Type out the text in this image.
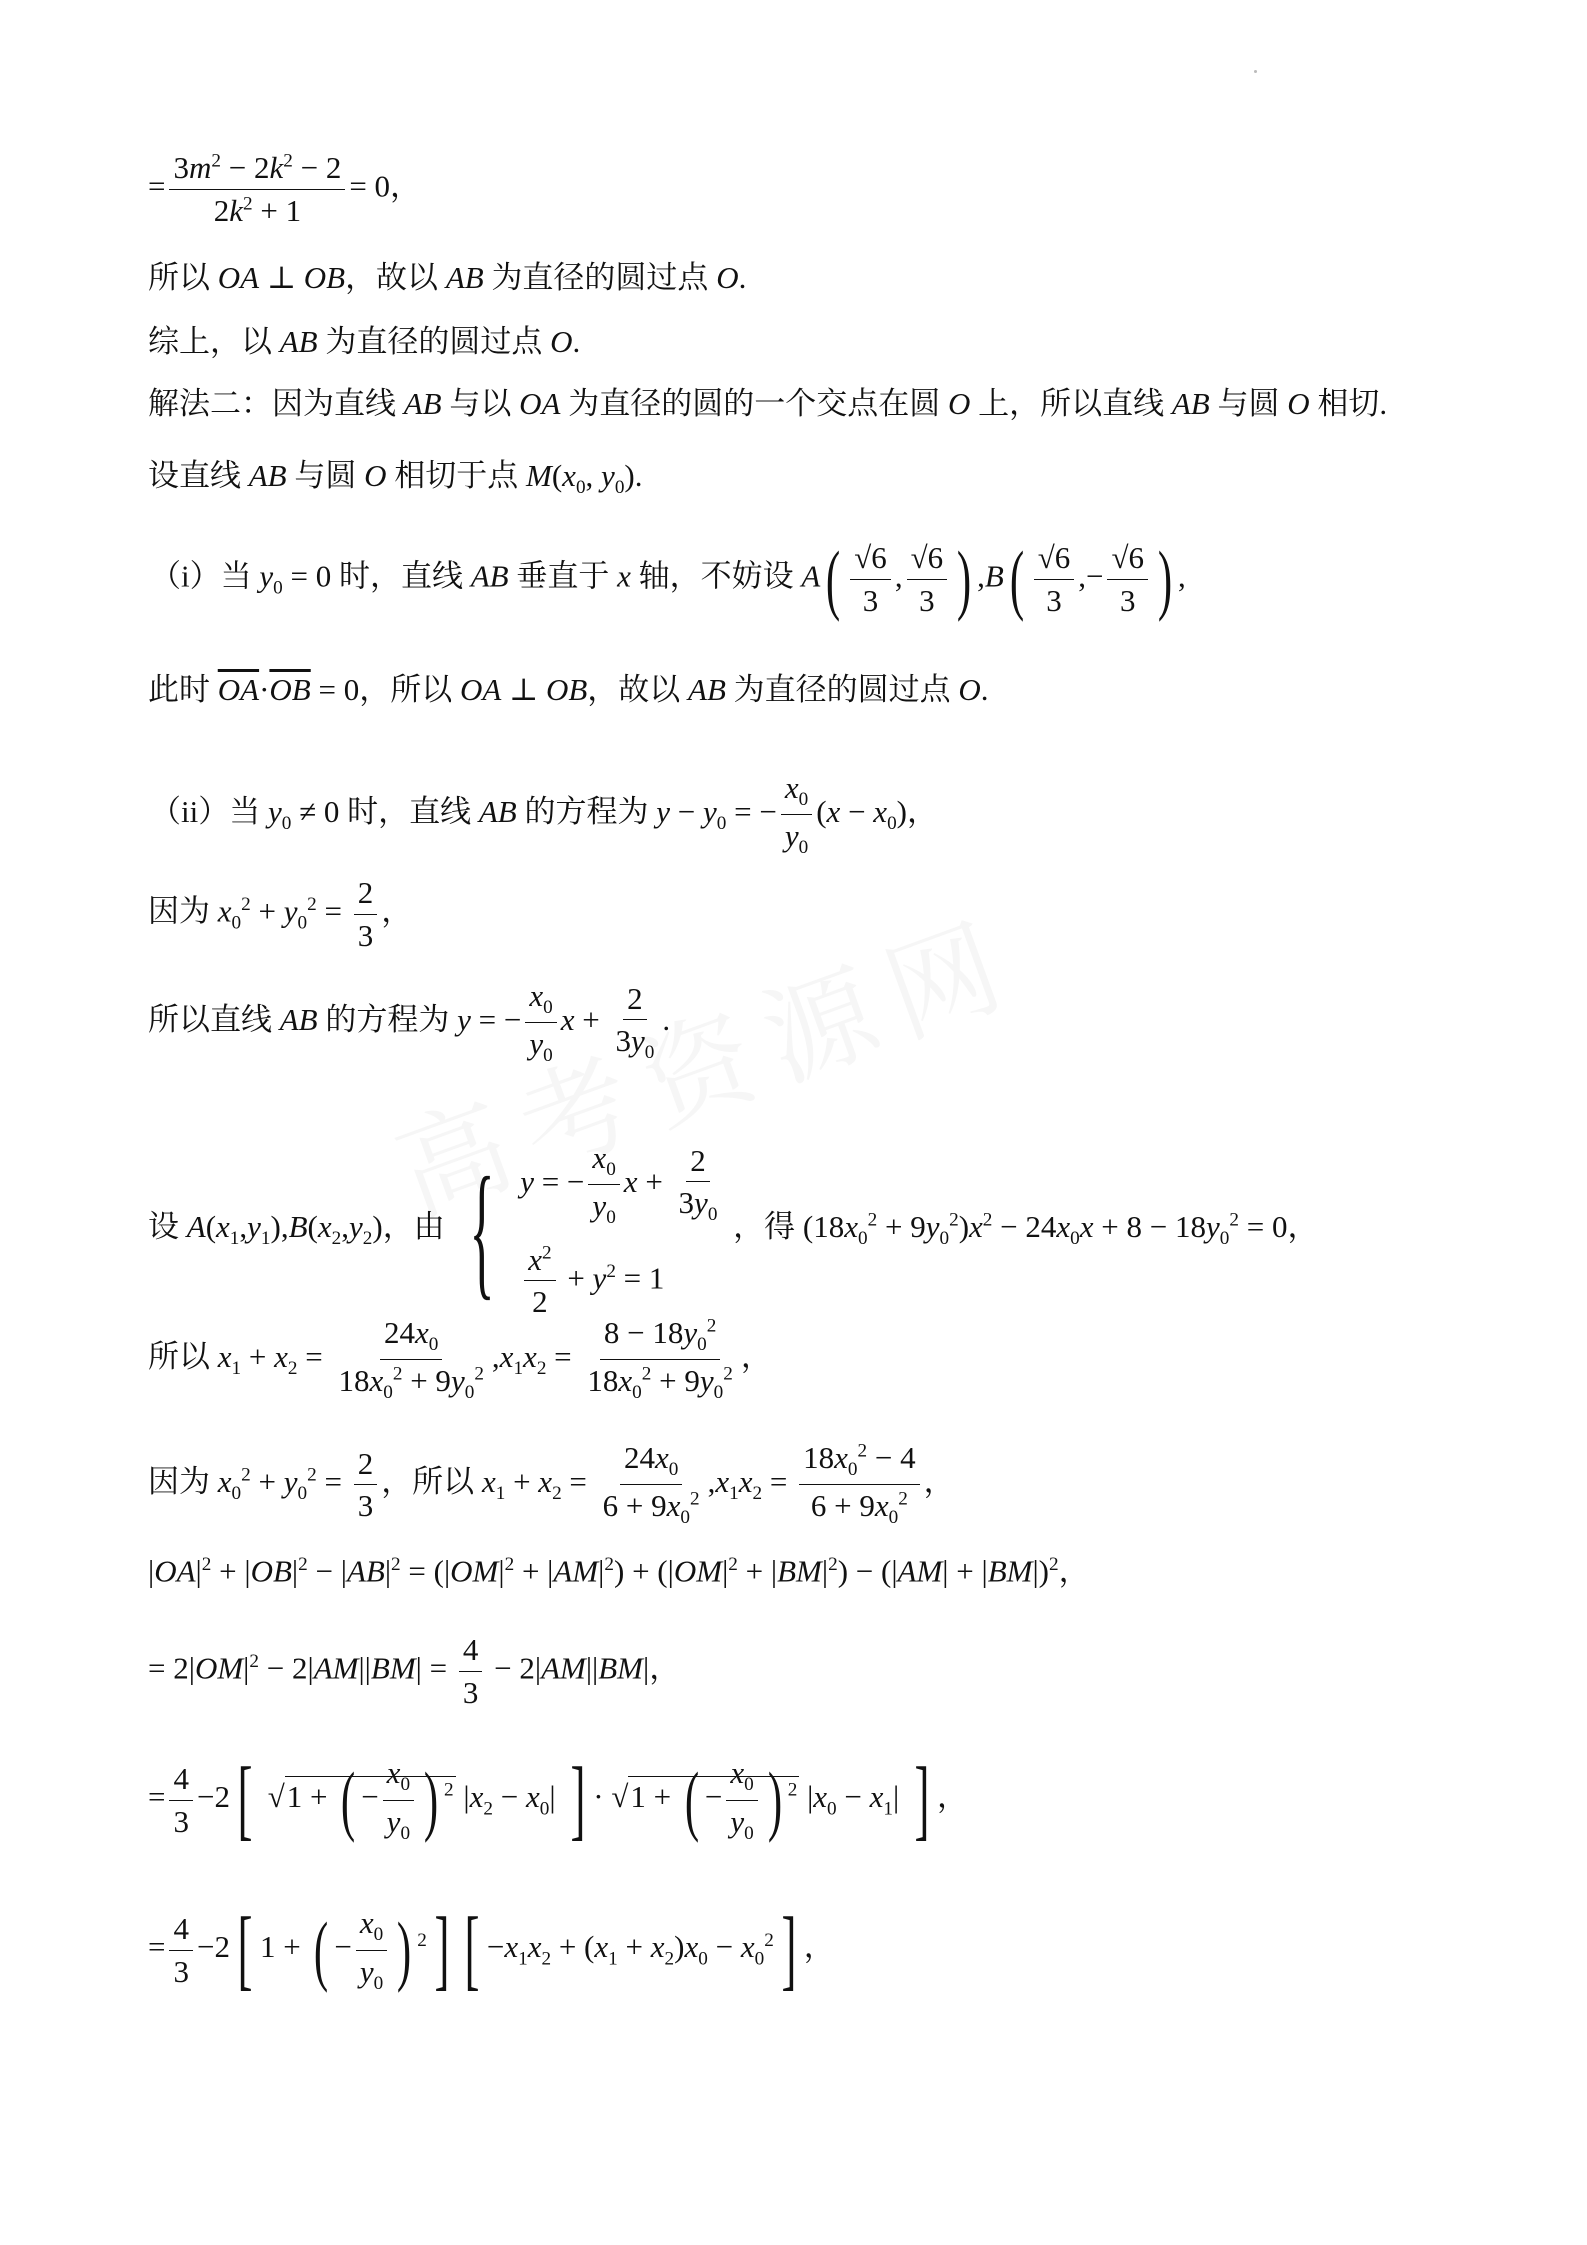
= $\frac{3m^2 - 2k^2 - 2}{2k^2 + 1} = 0$，
所以 OA ⊥ OB，故以 AB 为直径的圆过点 O.
综上，以 AB 为直径的圆过点 O.
解法二：因为直线 AB 与以 OA 为直径的圆的一个交点在圆 O 上，所以直线 AB 与圆 O 相切.
设直线 AB 与圆 O 相切于点 $M(x_0$, $y_0$).
（i）当 $y_0 = 0$ 时，直线 AB 垂直于 x 轴，不妨设 $A( \frac{√6}{3}$ , $\frac{√6}{3}$ ) $,B( \frac{√6}{3}$ ,− $\frac{√6}{3}$ ) ,
此时 $\overline{OA}\cdot\overline{OB} = 0$，所以 OA ⊥ OB，故以 AB 为直径的圆过点 O.
（ii）当 $y_0 \ne 0$ 时，直线 AB 的方程为 $y - y_0$ = − $\frac{x_0}{y_0} (x - x_0)$，
因为 $x_0^2 + y_0^2 = \frac{2}{3}$ ，
所以直线 AB 的方程为 y = − $\frac{x_0}{y_0}$ $x + \frac{2}{3y_0}$ .
设 $A(x_1,y_1),B(x_2,y_2)$，由 { y = − $\frac{x_0}{y_0}$ $x + \frac{2}{3y_0}$
$\frac{x^2}{2} + y^2 = 1$
，得 $(18x_0^2 + 9y_0^2)x^2 - 24x_0x + 8 - 18y_0^2 = 0$，
所以 $x_1 + x_2 = \frac{24x_0}{18x_0^2 + 9y_0^2} ,x_1x_2 = \frac{8 - 18y_0^2}{18x_0^2 + 9y_0^2}$ ，
因为 $x_0^2 + y_0^2 = \frac{2}{3}$ ，所以 $x_1 + x_2 = \frac{24x_0}{6 + 9x_0^2} ,x_1x_2 = \frac{18x_0^2 - 4}{6 + 9x_0^2}$ ，
$|OA|^2 + |OB|^2 - |AB|^2 = (|OM|^2 + |AM|^2) + (|OM|^2 + |BM|^2) - (|AM| + |BM|)^2$，
= $2|OM|^2 - 2|AM||BM| = \frac{4}{3} - 2|AM||BM|$，
= $\frac{4}{3} -2$[ √1 + ( − $\frac{x_0}{y_0}$ ) $^2$ $|x_2 - x_0|$ ] · √1 + ( − $\frac{x_0}{y_0}$ ) $^2$ $|x_0 - x_1|$ ] ，
= $\frac{4}{3} -2$[ 1 + ( − $\frac{x_0}{y_0}$ ) $^2$] [ $-x_1x_2 + (x_1 + x_2)x_0 - x_0^2$] ，
